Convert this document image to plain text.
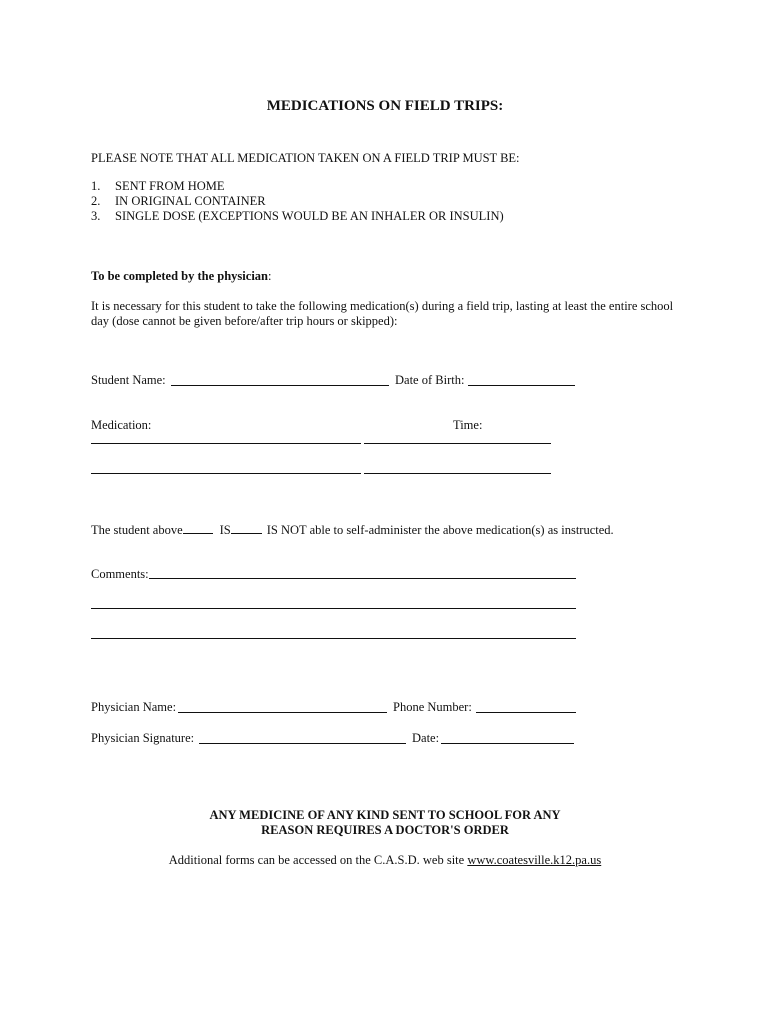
MEDICATIONS ON FIELD TRIPS:
PLEASE NOTE THAT ALL MEDICATION TAKEN ON A FIELD TRIP MUST BE:
1. SENT FROM HOME
2. IN ORIGINAL CONTAINER
3. SINGLE DOSE (EXCEPTIONS WOULD BE AN INHALER OR INSULIN)
To be completed by the physician:
It is necessary for this student to take the following medication(s) during a field trip, lasting at least the entire school
day (dose cannot be given before/after trip hours or skipped):
Student Name:	Date of Birth:
Medication:	Time:
The student above	IS	IS NOT able to self-administer the above medication(s) as instructed.
Comments:
Physician Name:	Phone Number:
Physician Signature:	Date:
ANY MEDICINE OF ANY KIND SENT TO SCHOOL FOR ANY
REASON REQUIRES A DOCTOR'S ORDER
Additional forms can be accessed on the C.A.S.D. web site www.coatesville.k12.pa.us
